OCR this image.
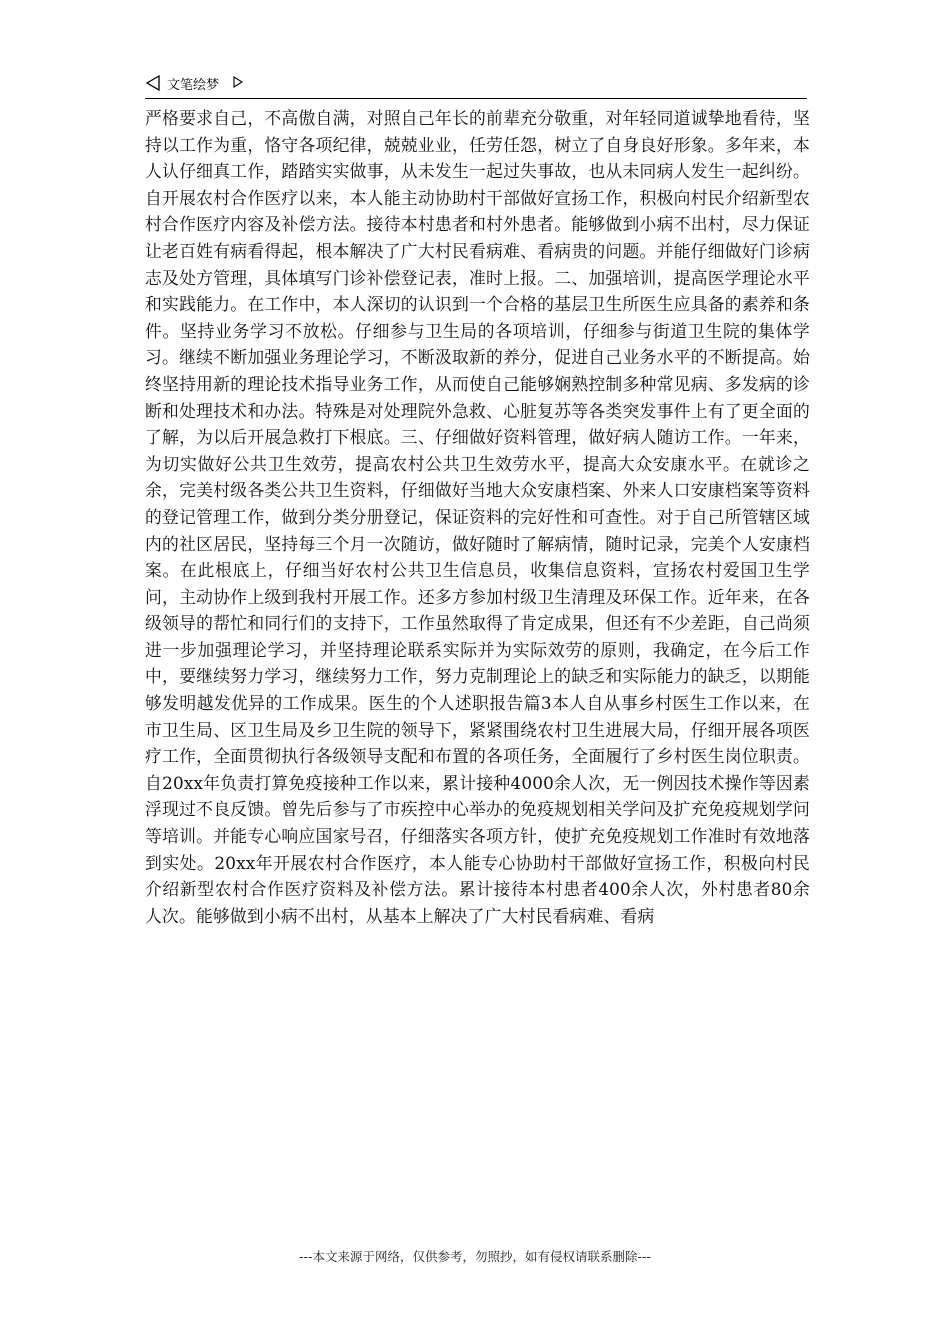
文笔绘梦

严格要求自己，不高傲自满，对照自己年长的前辈充分敬重，对年轻同道诚挚地看待，坚持以工作为重，恪守各项纪律，兢兢业业，任劳任怨，树立了自身良好形象。多年来，本人认仔细真工作，踏踏实实做事，从未发生一起过失事故，也从未同病人发生一起纠纷。自开展农村合作医疗以来，本人能主动协助村干部做好宣扬工作，积极向村民介绍新型农村合作医疗内容及补偿方法。接待本村患者和村外患者。能够做到小病不出村，尽力保证让老百姓有病看得起，根本解决了广大村民看病难、看病贵的问题。并能仔细做好门诊病志及处方管理，具体填写门诊补偿登记表，准时上报。二、加强培训，提高医学理论水平和实践能力。在工作中，本人深切的认识到一个合格的基层卫生所医生应具备的素养和条件。坚持业务学习不放松。仔细参与卫生局的各项培训，仔细参与街道卫生院的集体学习。继续不断加强业务理论学习，不断汲取新的养分，促进自己业务水平的不断提高。始终坚持用新的理论技术指导业务工作，从而使自己能够娴熟控制多种常见病、多发病的诊断和处理技术和办法。特殊是对处理院外急救、心脏复苏等各类突发事件上有了更全面的了解，为以后开展急救打下根底。三、仔细做好资料管理，做好病人随访工作。一年来，为切实做好公共卫生效劳，提高农村公共卫生效劳水平，提高大众安康水平。在就诊之余，完美村级各类公共卫生资料，仔细做好当地大众安康档案、外来人口安康档案等资料的登记管理工作，做到分类分册登记，保证资料的完好性和可查性。对于自己所管辖区域内的社区居民，坚持每三个月一次随访，做好随时了解病情，随时记录，完美个人安康档案。在此根底上，仔细当好农村公共卫生信息员，收集信息资料，宣扬农村爱国卫生学问，主动协作上级到我村开展工作。还多方参加村级卫生清理及环保工作。近年来，在各级领导的帮忙和同行们的支持下，工作虽然取得了肯定成果，但还有不少差距，自己尚须进一步加强理论学习，并坚持理论联系实际并为实际效劳的原则，我确定，在今后工作中，要继续努力学习，继续努力工作，努力克制理论上的缺乏和实际能力的缺乏，以期能够发明越发优异的工作成果。医生的个人述职报告篇3本人自从事乡村医生工作以来，在市卫生局、区卫生局及乡卫生院的领导下，紧紧围绕农村卫生进展大局，仔细开展各项医疗工作，全面贯彻执行各级领导支配和布置的各项任务，全面履行了乡村医生岗位职责。自20xx年负责打算免疫接种工作以来，累计接种4000余人次，无一例因技术操作等因素浮现过不良反馈。曾先后参与了市疾控中心举办的免疫规划相关学问及扩充免疫规划学问等培训。并能专心响应国家号召，仔细落实各项方针，使扩充免疫规划工作准时有效地落到实处。20xx年开展农村合作医疗，本人能专心协助村干部做好宣扬工作，积极向村民介绍新型农村合作医疗资料及补偿方法。累计接待本村患者400余人次，外村患者80余人次。能够做到小病不出村，从基本上解决了广大村民看病难、看病

---本文来源于网络，仅供参考，勿照抄，如有侵权请联系删除---
